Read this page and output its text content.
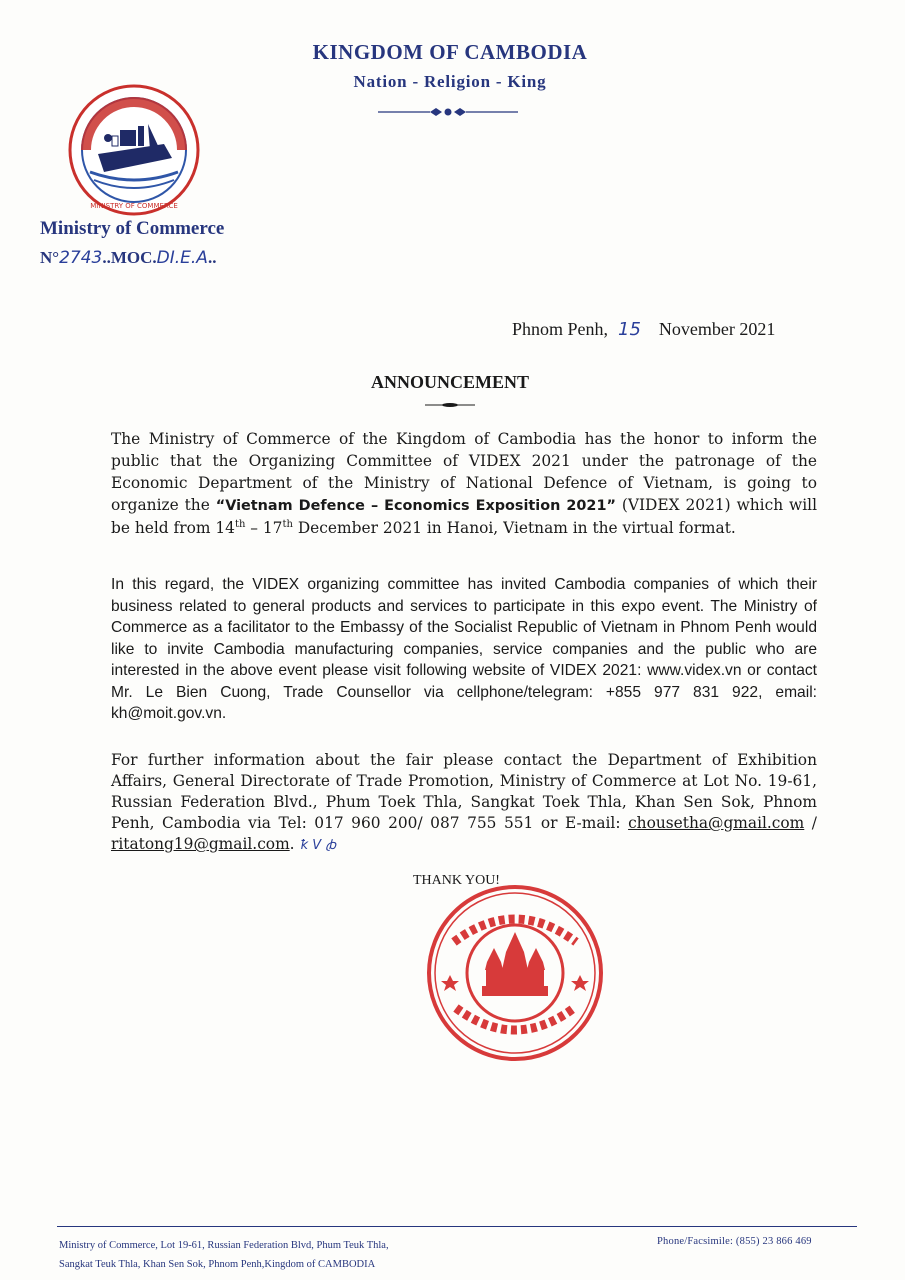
MINISTRY OF COMMERCE
KINGDOM OF CAMBODIA
Nation - Religion - King
Ministry of Commerce
N°2743..MOC.DI.E.A..
Phnom Penh, 15 November 2021
ANNOUNCEMENT
The Ministry of Commerce of the Kingdom of Cambodia has the honor to inform the public that the Organizing Committee of VIDEX 2021 under the patronage of the Economic Department of the Ministry of National Defence of Vietnam, is going to organize the “Vietnam Defence – Economics Exposition 2021” (VIDEX 2021) which will be held from 14th – 17th December 2021 in Hanoi, Vietnam in the virtual format.
In this regard, the VIDEX organizing committee has invited Cambodia companies of which their business related to general products and services to participate in this expo event. The Ministry of Commerce as a facilitator to the Embassy of the Socialist Republic of Vietnam in Phnom Penh would like to invite Cambodia manufacturing companies, service companies and the public who are interested in the above event please visit following website of VIDEX 2021: www.videx.vn or contact Mr. Le Bien Cuong, Trade Counsellor via cellphone/telegram: +855 977 831 922, email: kh@moit.gov.vn.
For further information about the fair please contact the Department of Exhibition Affairs, General Directorate of Trade Promotion, Ministry of Commerce at Lot No. 19-61, Russian Federation Blvd., Phum Toek Thla, Sangkat Toek Thla, Khan Sen Sok, Phnom Penh, Cambodia via Tel: 017 960 200/ 087 755 551 or E-mail: chousetha@gmail.com / ritatong19@gmail.com. ꝁ V ꞗ
THANK YOU!
Ministry of Commerce, Lot 19-61, Russian Federation Blvd, Phum Teuk Thla,
Sangkat Teuk Thla, Khan Sen Sok, Phnom Penh,Kingdom of CAMBODIA
Phone/Facsimile: (855) 23 866 469
